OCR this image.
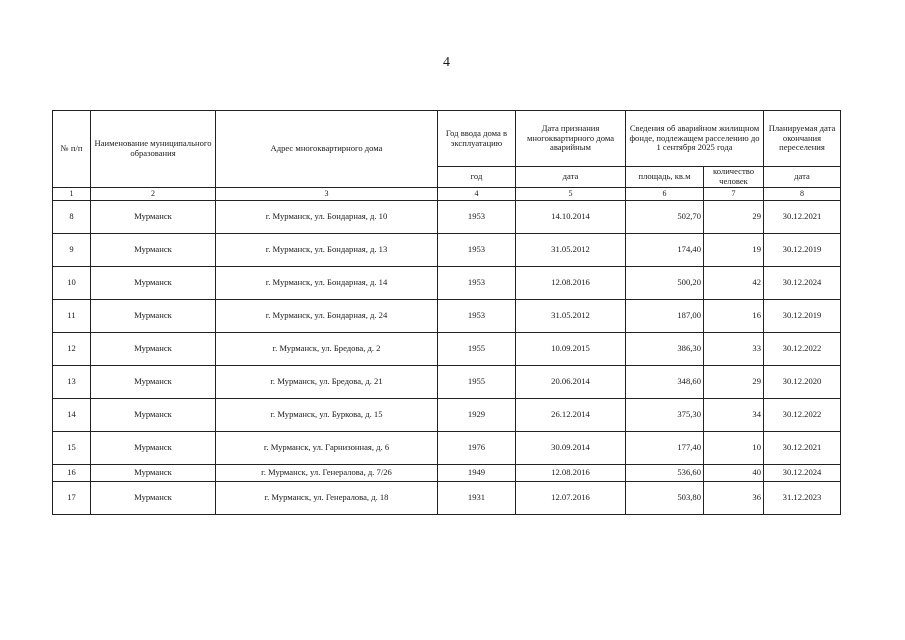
4
№ п/п	Наименование муниципального образования	Адрес многоквартирного дома	Год ввода дома в эксплуатацию	Дата признания многоквартирного дома аварийным	Сведения об аварийном жилищном фонде, подлежащем расселению до 1 сентября 2025 года		Планируемая дата окончания переселения
			год	дата	площадь, кв.м	количество человек	дата
1	2	3	4	5	6	7	8
8	Мурманск	г. Мурманск, ул. Бондарная, д. 10	1953	14.10.2014	502,70	29	30.12.2021
9	Мурманск	г. Мурманск, ул. Бондарная, д. 13	1953	31.05.2012	174,40	19	30.12.2019
10	Мурманск	г. Мурманск, ул. Бондарная, д. 14	1953	12.08.2016	500,20	42	30.12.2024
11	Мурманск	г. Мурманск, ул. Бондарная, д. 24	1953	31.05.2012	187,00	16	30.12.2019
12	Мурманск	г. Мурманск, ул. Бредова, д. 2	1955	10.09.2015	386,30	33	30.12.2022
13	Мурманск	г. Мурманск, ул. Бредова, д. 21	1955	20.06.2014	348,60	29	30.12.2020
14	Мурманск	г. Мурманск, ул. Буркова, д. 15	1929	26.12.2014	375,30	34	30.12.2022
15	Мурманск	г. Мурманск, ул. Гарнизонная, д. 6	1976	30.09.2014	177,40	10	30.12.2021
16	Мурманск	г. Мурманск, ул. Генералова, д. 7/26	1949	12.08.2016	536,60	40	30.12.2024
17	Мурманск	г. Мурманск, ул. Генералова, д. 18	1931	12.07.2016	503,80	36	31.12.2023
